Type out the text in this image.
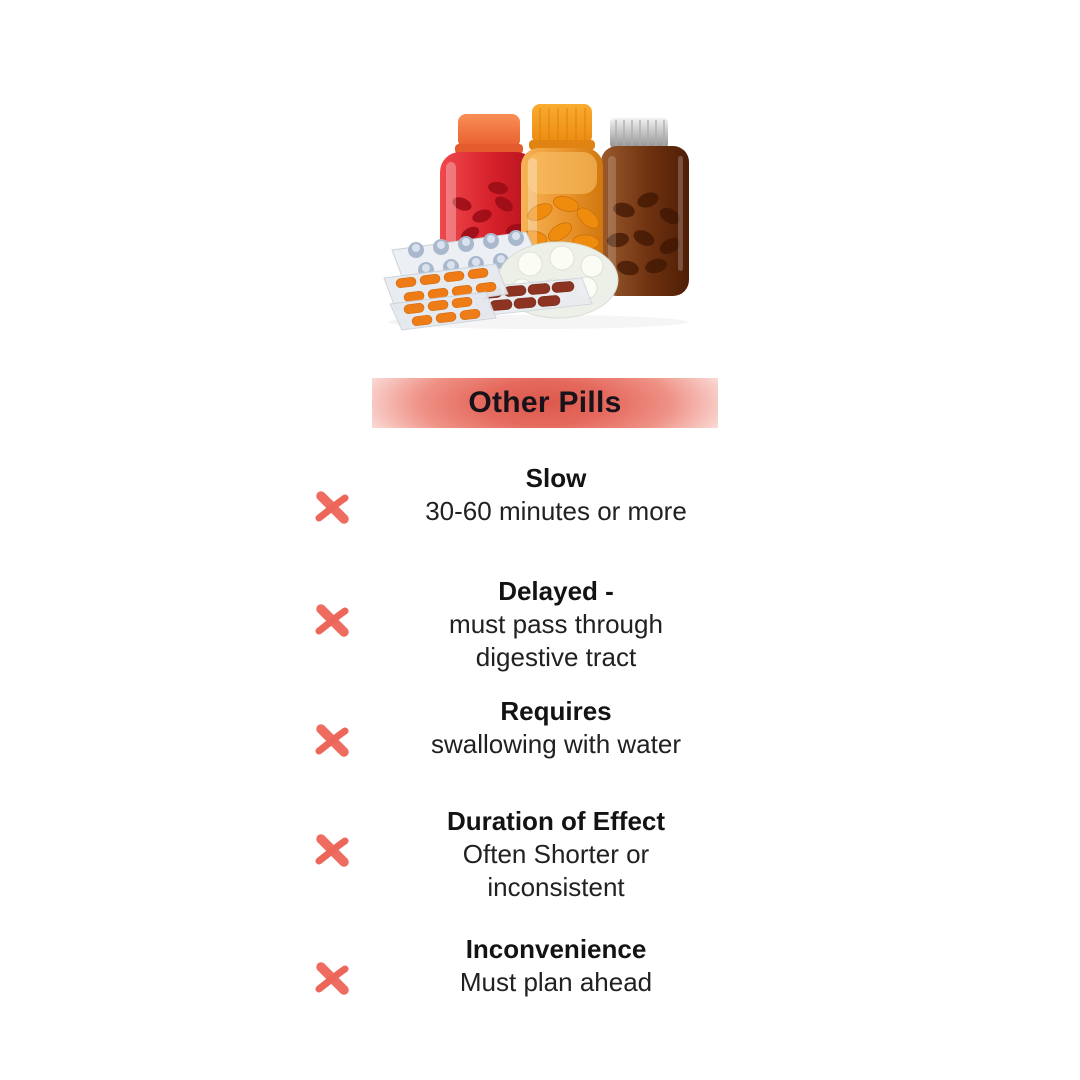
Other Pills
Slow
30-60 minutes or more
Delayed -
must pass through
digestive tract
Requires
swallowing with water
Duration of Effect
Often Shorter or
inconsistent
Inconvenience
Must plan ahead
